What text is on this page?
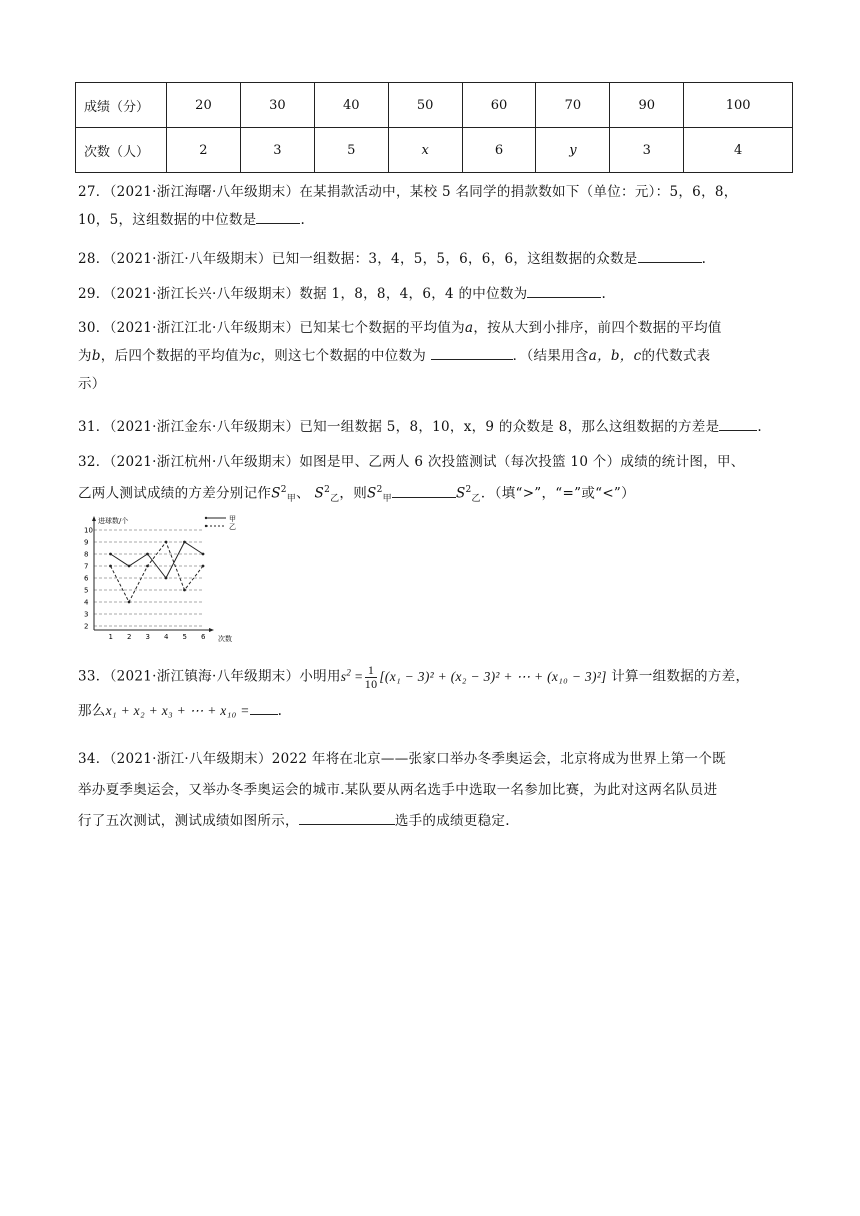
成绩（分）	20	30	40	50	60	70	90	100
次数（人）	2	3	5	x	6	y	3	4
27．（2021·浙江海曙·八年级期末）在某捐款活动中，某校 5 名同学的捐款数如下（单位：元）：5，6，8，
10，5，这组数据的中位数是	.
28．（2021·浙江·八年级期末）已知一组数据：3，4，5，5，6，6，6，这组数据的众数是	.
29．（2021·浙江长兴·八年级期末）数据 1，8，8，4，6，4 的中位数为	.
30．（2021·浙江江北·八年级期末）已知某七个数据的平均值为a，按从大到小排序，前四个数据的平均值
为b，后四个数据的平均值为c，则这七个数据的中位数为	．（结果用含a，b，c的代数式表
示）
31．（2021·浙江金东·八年级期末）已知一组数据 5，8，10，x，9 的众数是 8，那么这组数据的方差是	.
32．（2021·浙江杭州·八年级期末）如图是甲、乙两人 6 次投篮测试（每次投篮 10 个）成绩的统计图，甲、
乙两人测试成绩的方差分别记作$S^2_甲$、 $S^2_乙$，则$S^2_甲$	$S^2_乙$．（填“>”，“=”或“<”）
进球数/个
次数
甲
乙
2
3
4
5
6
7
8
9
10
1 2 3 4 5 6
33．（2021·浙江镇海·八年级期末）小明用$s^2 = \frac{1}{10} [(x_1 - 3)^2 + (x_2 - 3)^2$ + ⋯ + (x₁₀ − 3)²] 计算一组数据的方差，
那么x₁ + x₂ + x₃ + ⋯ + x₁₀ = .
34．（2021·浙江·八年级期末）2022 年将在北京——张家口举办冬季奥运会，北京将成为世界上第一个既
举办夏季奥运会，又举办冬季奥运会的城市.某队要从两名选手中选取一名参加比赛，为此对这两名队员进
行了五次测试，测试成绩如图所示，	选手的成绩更稳定.
